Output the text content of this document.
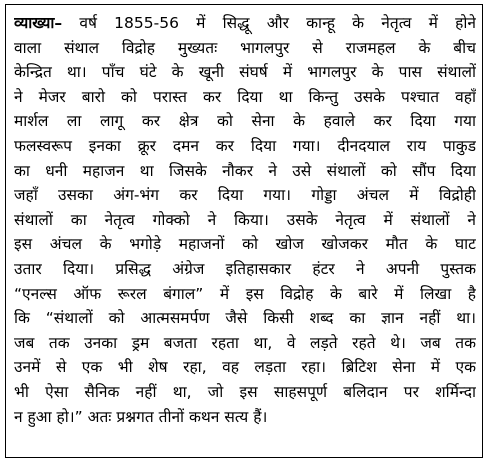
व्याख्या– वर्ष 1855-56 में सिद्धू और कान्हू के नेतृत्व में होने
वाला संथाल विद्रोह मुख्यतः भागलपुर से राजमहल के बीच
केन्द्रित था। पाँच घंटे के खूनी संघर्ष में भागलपुर के पास संथालों
ने मेजर बारो को परास्त कर दिया था किन्तु उसके पश्चात वहाँ
मार्शल ला लागू कर क्षेत्र को सेना के हवाले कर दिया गया
फलस्वरूप इनका क्रूर दमन कर दिया गया। दीनदयाल राय पाकुड
का धनी महाजन था जिसके नौकर ने उसे संथालों को सौंप दिया
जहाँ उसका अंग-भंग कर दिया गया। गोड्डा अंचल में विद्रोही
संथालों का नेतृत्व गोक्को ने किया। उसके नेतृत्व में संथालों ने
इस अंचल के भगोड़े महाजनों को खोज खोजकर मौत के घाट
उतार दिया। प्रसिद्ध अंग्रेज इतिहासकार हंटर ने अपनी पुस्तक
“एनल्स ऑफ रूरल बंगाल” में इस विद्रोह के बारे में लिखा है
कि “संथालों को आत्मसमर्पण जैसे किसी शब्द का ज्ञान नहीं था।
जब तक उनका ड्रम बजता रहता था, वे लड़ते रहते थे। जब तक
उनमें से एक भी शेष रहा, वह लड़ता रहा। ब्रिटिश सेना में एक
भी ऐसा सैनिक नहीं था, जो इस साहसपूर्ण बलिदान पर शर्मिन्दा
न हुआ हो।” अतः प्रश्नगत तीनों कथन सत्य हैं।
